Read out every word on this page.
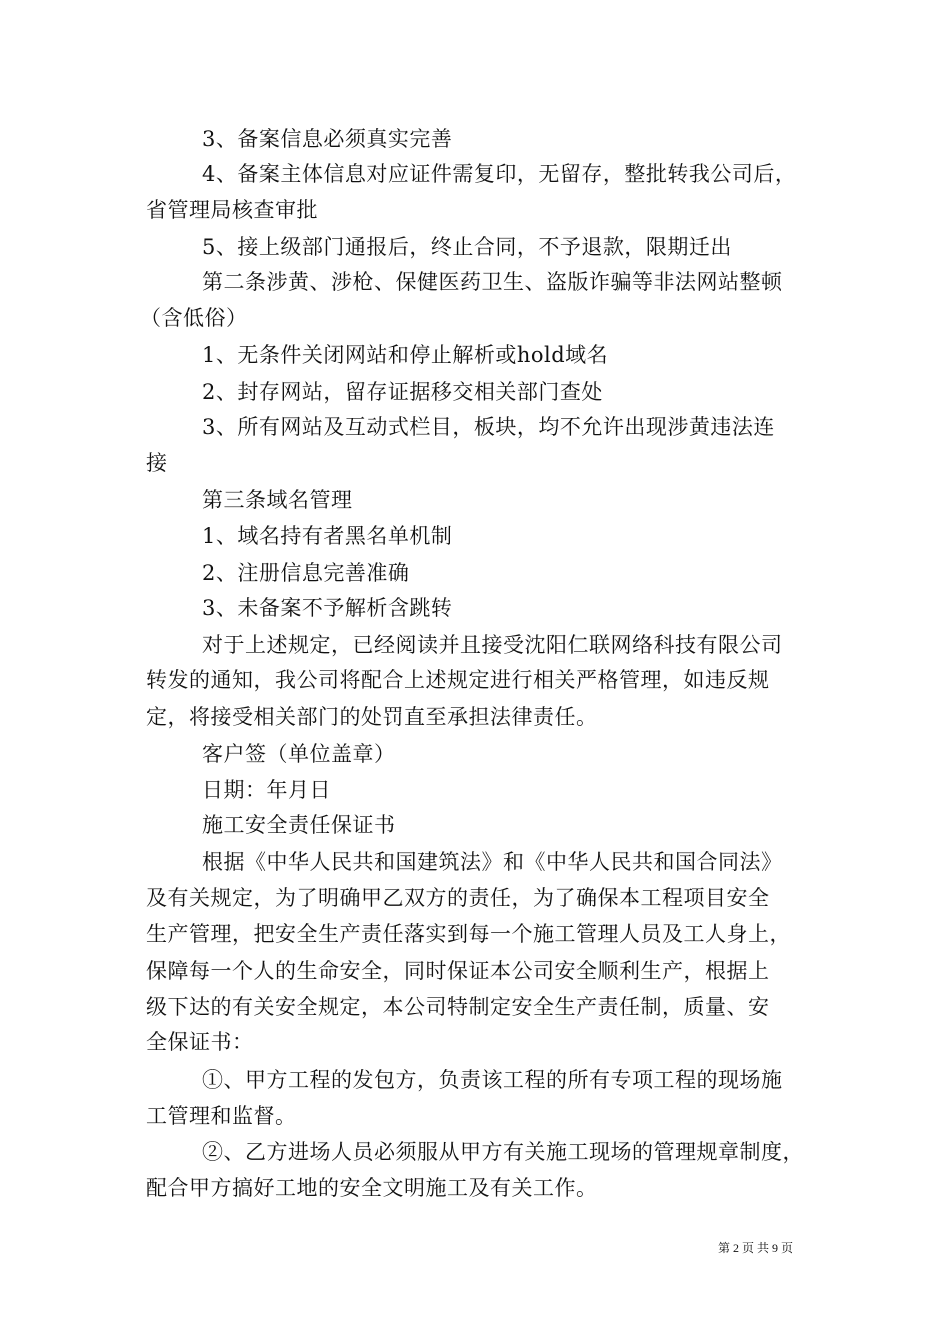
3、备案信息必须真实完善
4、备案主体信息对应证件需复印，无留存，整批转我公司后，
省管理局核查审批
5、接上级部门通报后，终止合同，不予退款，限期迁出
第二条涉黄、涉枪、保健医药卫生、盗版诈骗等非法网站整顿
（含低俗）
1、无条件关闭网站和停止解析或hold域名
2、封存网站，留存证据移交相关部门查处
3、所有网站及互动式栏目，板块，均不允许出现涉黄违法连
接
第三条域名管理
1、域名持有者黑名单机制
2、注册信息完善准确
3、未备案不予解析含跳转
对于上述规定，已经阅读并且接受沈阳仁联网络科技有限公司
转发的通知，我公司将配合上述规定进行相关严格管理，如违反规
定，将接受相关部门的处罚直至承担法律责任。
客户签（单位盖章）
日期：年月日
施工安全责任保证书
根据《中华人民共和国建筑法》和《中华人民共和国合同法》
及有关规定，为了明确甲乙双方的责任，为了确保本工程项目安全
生产管理，把安全生产责任落实到每一个施工管理人员及工人身上，
保障每一个人的生命安全，同时保证本公司安全顺利生产，根据上
级下达的有关安全规定，本公司特制定安全生产责任制，质量、安
全保证书：
①、甲方工程的发包方，负责该工程的所有专项工程的现场施
工管理和监督。
②、乙方进场人员必须服从甲方有关施工现场的管理规章制度，
配合甲方搞好工地的安全文明施工及有关工作。
第 2 页 共 9 页
